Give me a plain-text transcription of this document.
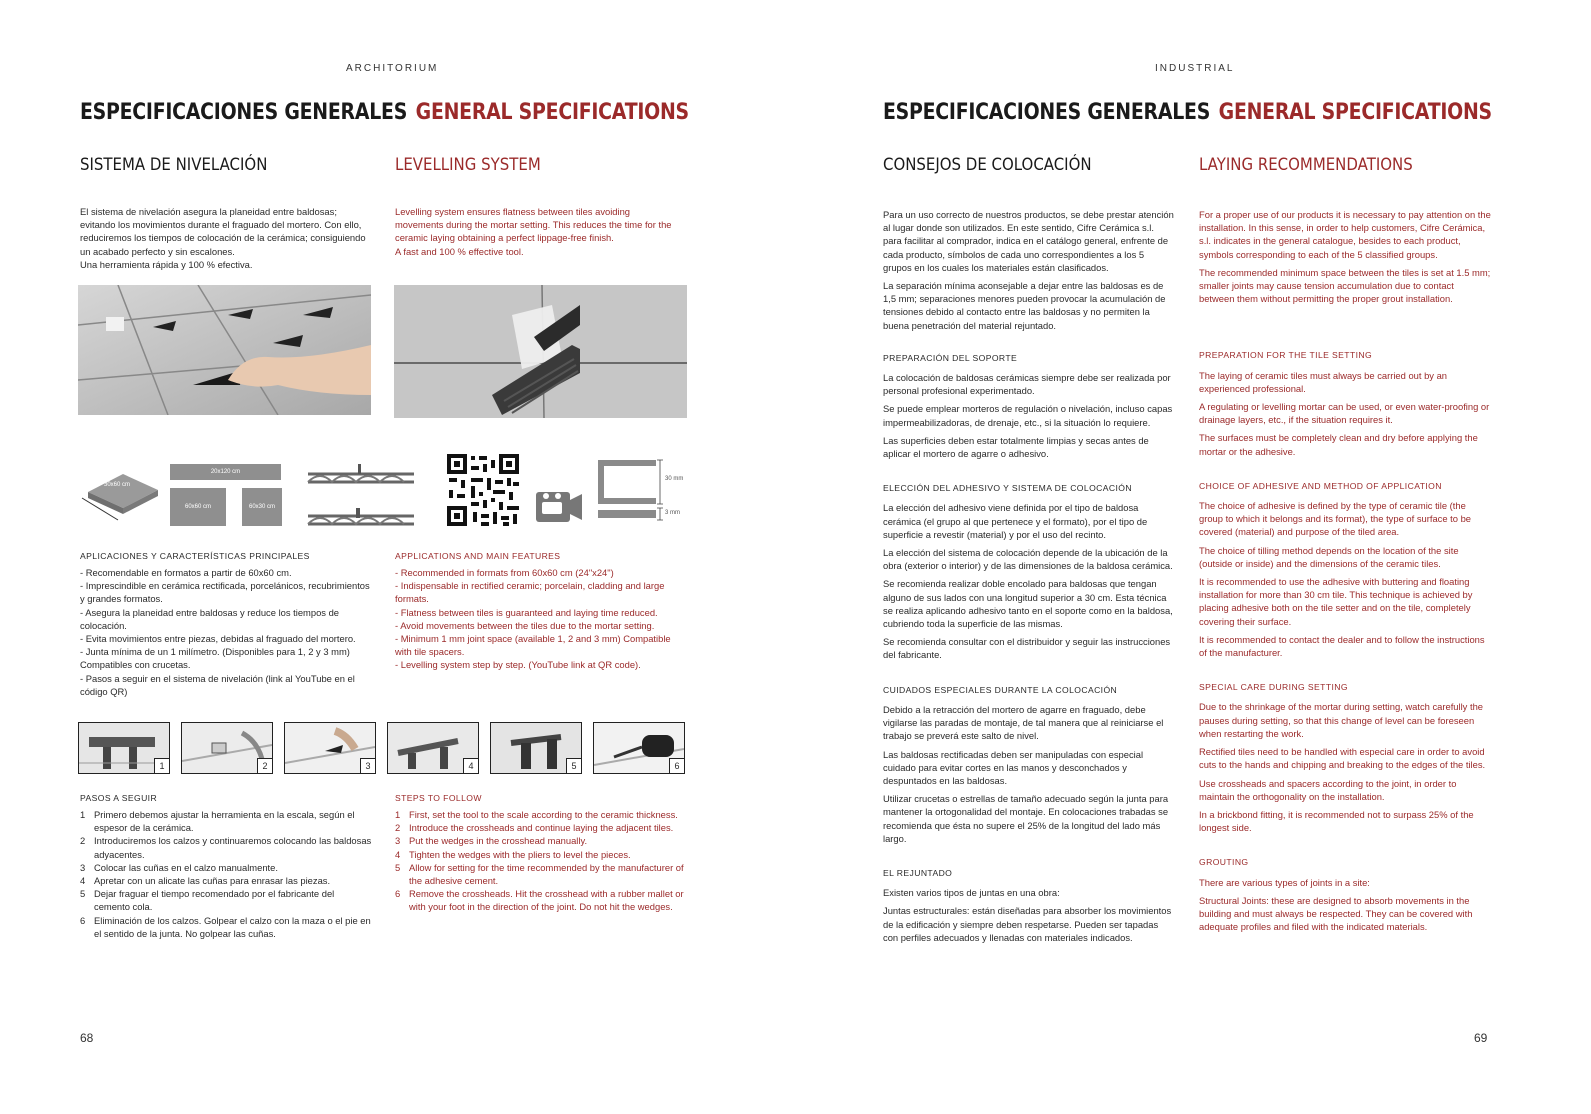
ARCHITORIUM
ESPECIFICACIONES GENERALES GENERAL SPECIFICATIONS
SISTEMA DE NIVELACIÓN	LEVELLING SYSTEM
El sistema de nivelación asegura la planeidad entre baldosas; evitando los movimientos durante el fraguado del mortero. Con ello, reduciremos los tiempos de colocación de la cerámica; consiguiendo un acabado perfecto y sin escalones.
Una herramienta rápida y 100 % efectiva.
Levelling system ensures flatness between tiles avoiding movements during the mortar setting. This reduces the time for the ceramic laying obtaining a perfect lippage-free finish.
A fast and 100 % effective tool.
30x60 cm
20x120 cm
60x60 cm	60x30 cm
30 mm
3 mm
APLICACIONES Y CARACTERÍSTICAS PRINCIPALES
- Recomendable en formatos a partir de 60x60 cm.
- Imprescindible en cerámica rectificada, porcelánicos, recubrimientos y grandes formatos.
- Asegura la planeidad entre baldosas y reduce los tiempos de colocación.
- Evita movimientos entre piezas, debidas al fraguado del mortero.
- Junta mínima de un 1 milímetro. (Disponibles para 1, 2 y 3 mm) Compatibles con crucetas.
- Pasos a seguir en el sistema de nivelación (link al YouTube en el código QR)
APPLICATIONS AND MAIN FEATURES
- Recommended in formats from 60x60 cm (24"x24")
- Indispensable in rectified ceramic; porcelain, cladding and large formats.
- Flatness between tiles is guaranteed and laying time reduced.
- Avoid movements between the tiles due to the mortar setting.
- Minimum 1 mm joint space (available 1, 2 and 3 mm) Compatible with tile spacers.
- Levelling system step by step. (YouTube link at QR code).
1	2	3	4	5	6
PASOS A SEGUIR
1 Primero debemos ajustar la herramienta en la escala, según el espesor de la cerámica.
2 Introduciremos los calzos y continuaremos colocando las baldosas adyacentes.
3 Colocar las cuñas en el calzo manualmente.
4 Apretar con un alicate las cuñas para enrasar las piezas.
5 Dejar fraguar el tiempo recomendado por el fabricante del cemento cola.
6 Eliminación de los calzos. Golpear el calzo con la maza o el pie en el sentido de la junta. No golpear las cuñas.
STEPS TO FOLLOW
1 First, set the tool to the scale according to the ceramic thickness.
2 Introduce the crossheads and continue laying the adjacent tiles.
3 Put the wedges in the crosshead manually.
4 Tighten the wedges with the pliers to level the pieces.
5 Allow for setting for the time recommended by the manufacturer of the adhesive cement.
6 Remove the crossheads. Hit the crosshead with a rubber mallet or with your foot in the direction of the joint. Do not hit the wedges.
68
INDUSTRIAL
ESPECIFICACIONES GENERALES GENERAL SPECIFICATIONS
CONSEJOS DE COLOCACIÓN	LAYING RECOMMENDATIONS

Para un uso correcto de nuestros productos, se debe prestar atención al lugar donde son utilizados. En este sentido, Cifre Cerámica s.l. para facilitar al comprador, indica en el catálogo general, enfrente de cada producto, símbolos de cada uno correspondientes a los 5 grupos en los cuales los materiales están clasificados.

La separación mínima aconsejable a dejar entre las baldosas es de 1,5 mm; separaciones menores pueden provocar la acumulación de tensiones debido al contacto entre las baldosas y no permiten la buena penetración del material rejuntado.

PREPARACIÓN DEL SOPORTE

La colocación de baldosas cerámicas siempre debe ser realizada por personal profesional experimentado.

Se puede emplear morteros de regulación o nivelación, incluso capas impermeabilizadoras, de drenaje, etc., si la situación lo requiere.

Las superficies deben estar totalmente limpias y secas antes de aplicar el mortero de agarre o adhesivo.

ELECCIÓN DEL ADHESIVO Y SISTEMA DE COLOCACIÓN

La elección del adhesivo viene definida por el tipo de baldosa cerámica (el grupo al que pertenece y el formato), por el tipo de superficie a revestir (material) y por el uso del recinto.

La elección del sistema de colocación depende de la ubicación de la obra (exterior o interior) y de las dimensiones de la baldosa cerámica.

Se recomienda realizar doble encolado para baldosas que tengan alguno de sus lados con una longitud superior a 30 cm. Esta técnica se realiza aplicando adhesivo tanto en el soporte como en la baldosa, cubriendo toda la superficie de las mismas.

Se recomienda consultar con el distribuidor y seguir las instrucciones del fabricante.

CUIDADOS ESPECIALES DURANTE LA COLOCACIÓN

Debido a la retracción del mortero de agarre en fraguado, debe vigilarse las paradas de montaje, de tal manera que al reiniciarse el trabajo se preverá este salto de nivel.

Las baldosas rectificadas deben ser manipuladas con especial cuidado para evitar cortes en las manos y desconchados y despuntados en las baldosas.

Utilizar crucetas o estrellas de tamaño adecuado según la junta para mantener la ortogonalidad del montaje. En colocaciones trabadas se recomienda que ésta no supere el 25% de la longitud del lado más largo.

EL REJUNTADO

Existen varios tipos de juntas en una obra:

Juntas estructurales: están diseñadas para absorber los movimientos de la edificación y siempre deben respetarse. Pueden ser tapadas con perfiles adecuados y llenadas con materiales indicados.

For a proper use of our products it is necessary to pay attention on the installation. In this sense, in order to help customers, Cifre Cerámica, s.l. indicates in the general catalogue, besides to each product, symbols corresponding to each of the 5 classified groups.

The recommended minimum space between the tiles is set at 1.5 mm; smaller joints may cause tension accumulation due to contact between them without permitting the proper grout installation.

PREPARATION FOR THE TILE SETTING

The laying of ceramic tiles must always be carried out by an experienced professional.

A regulating or levelling mortar can be used, or even water-proofing or drainage layers, etc., if the situation requires it.

The surfaces must be completely clean and dry before applying the mortar or the adhesive.

CHOICE OF ADHESIVE AND METHOD OF APPLICATION

The choice of adhesive is defined by the type of ceramic tile (the group to which it belongs and its format), the type of surface to be covered (material) and purpose of the tiled area.

The choice of tilling method depends on the location of the site (outside or inside) and the dimensions of the ceramic tiles.

It is recommended to use the adhesive with buttering and floating installation for more than 30 cm tile. This technique is achieved by placing adhesive both on the tile setter and on the tile, completely covering their surface.

It is recommended to contact the dealer and to follow the instructions of the manufacturer.

SPECIAL CARE DURING SETTING

Due to the shrinkage of the mortar during setting, watch carefully the pauses during setting, so that this change of level can be foreseen when restarting the work.

Rectified tiles need to be handled with especial care in order to avoid cuts to the hands and chipping and breaking to the edges of the tiles.

Use crossheads and spacers according to the joint, in order to maintain the orthogonality on the installation.

In a brickbond fitting, it is recommended not to surpass 25% of the longest side.

GROUTING

There are various types of joints in a site:

Structural Joints: these are designed to absorb movements in the building and must always be respected. They can be covered with adequate profiles and filed with the indicated materials.

69
